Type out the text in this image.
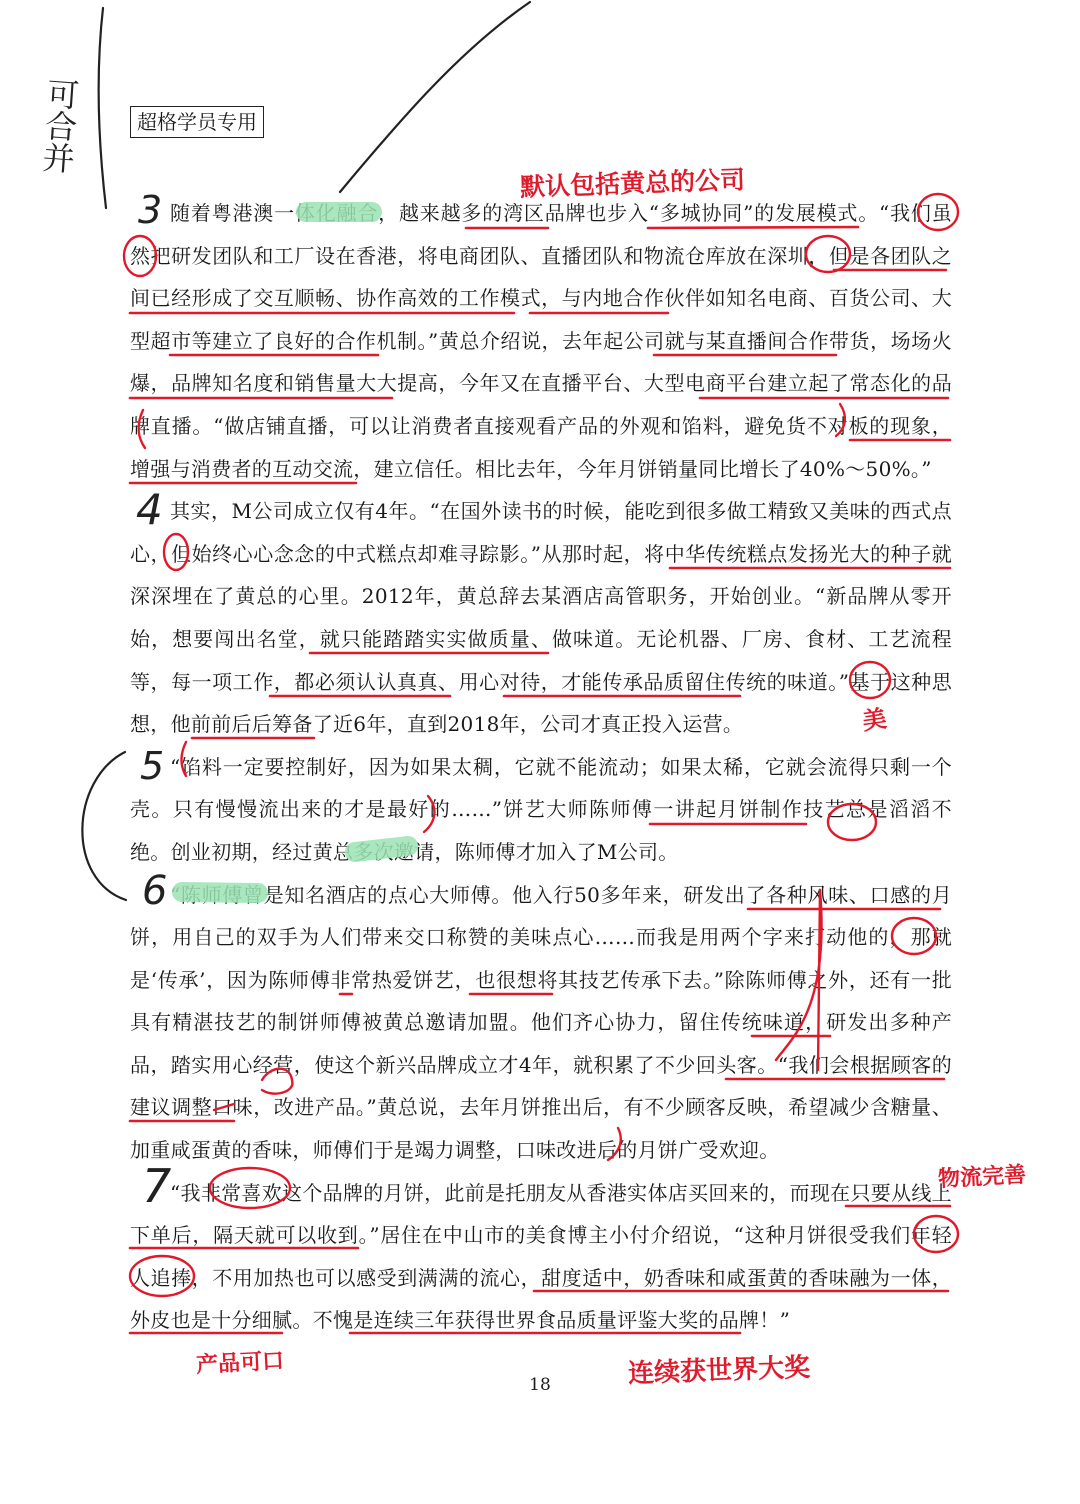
超格学员专用

随着粤港澳一体化融合，越来越多的湾区品牌也步入“多城协同”的发展模式。“我们虽然把研发团队和工厂设在香港，将电商团队、直播团队和物流仓库放在深圳，但是各团队之间已经形成了交互顺畅、协作高效的工作模式，与内地合作伙伴如知名电商、百货公司、大型超市等建立了良好的合作机制。”黄总介绍说，去年起公司就与某直播间合作带货，场场火爆，品牌知名度和销售量大大提高，今年又在直播平台、大型电商平台建立起了常态化的品牌直播。“做店铺直播，可以让消费者直接观看产品的外观和馅料，避免货不对板的现象，增强与消费者的互动交流，建立信任。相比去年，今年月饼销量同比增长了40%～50%。”

其实，M公司成立仅有4年。“在国外读书的时候，能吃到很多做工精致又美味的西式点心，但始终心心念念的中式糕点却难寻踪影。”从那时起，将中华传统糕点发扬光大的种子就深深埋在了黄总的心里。2012年，黄总辞去某酒店高管职务，开始创业。“新品牌从零开始，想要闯出名堂，就只能踏踏实实做质量、做味道。无论机器、厂房、食材、工艺流程等，每一项工作，都必须认认真真、用心对待，才能传承品质留住传统的味道。”基于这种思想，他前前后后筹备了近6年，直到2018年，公司才真正投入运营。

“馅料一定要控制好，因为如果太稠，它就不能流动；如果太稀，它就会流得只剩一个壳。只有慢慢流出来的才是最好的……”饼艺大师陈师傅一讲起月饼制作技艺总是滔滔不绝。创业初期，经过黄总多次邀请，陈师傅才加入了M公司。

“陈师傅曾是知名酒店的点心大师傅。他入行50多年来，研发出了各种风味、口感的月饼，用自己的双手为人们带来交口称赞的美味点心……而我是用两个字来打动他的，那就是‘传承’，因为陈师傅非常热爱饼艺，也很想将其技艺传承下去。”除陈师傅之外，还有一批具有精湛技艺的制饼师傅被黄总邀请加盟。他们齐心协力，留住传统味道，研发出多种产品，踏实用心经营，使这个新兴品牌成立才4年，就积累了不少回头客。“我们会根据顾客的建议调整口味，改进产品。”黄总说，去年月饼推出后，有不少顾客反映，希望减少含糖量、加重咸蛋黄的香味，师傅们于是竭力调整，口味改进后的月饼广受欢迎。

“我非常喜欢这个品牌的月饼，此前是托朋友从香港实体店买回来的，而现在只要从线上下单后，隔天就可以收到。”居住在中山市的美食博主小付介绍说，“这种月饼很受我们年轻人追捧，不用加热也可以感受到满满的流心，甜度适中，奶香味和咸蛋黄的香味融为一体，外皮也是十分细腻。不愧是连续三年获得世界食品质量评鉴大奖的品牌！”

18
可合并
默认包括黄总的公司
美
物流完善
产品可口	连续获世界大奖
3
4
5
6
7
